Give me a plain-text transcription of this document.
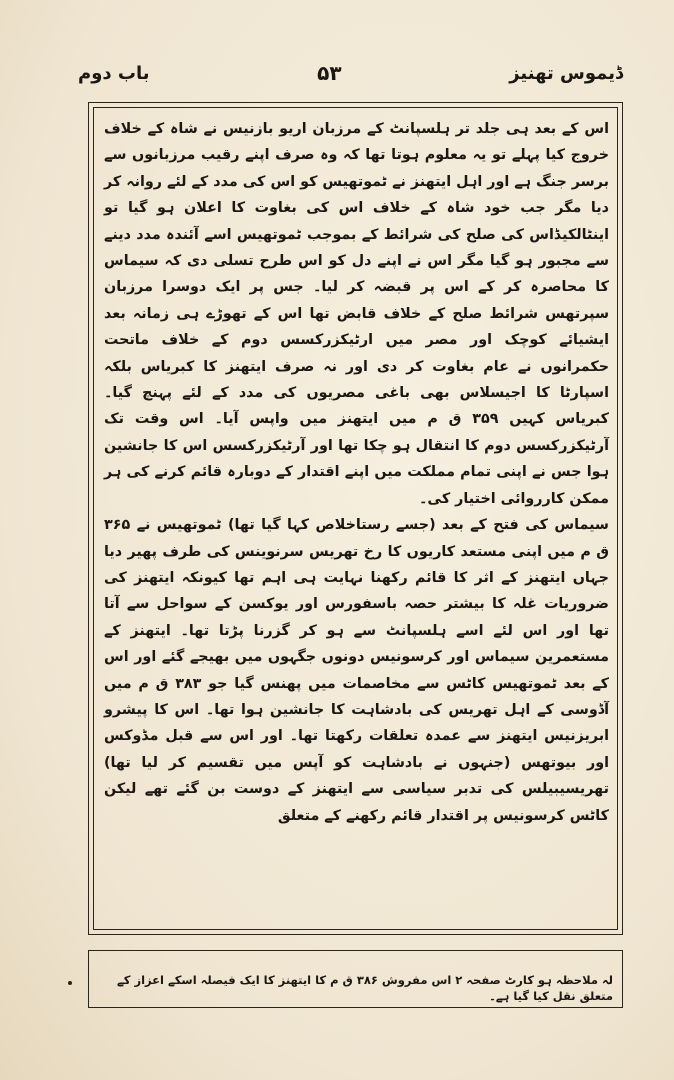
باب دوم	۵۳	ڈیموس تھنیز

اس کے بعد ہی جلد تر ہلسپانٹ کے مرزبان اریو بازنیس نے شاہ کے خلاف خروج کیا پہلے تو یہ معلوم ہوتا تھا کہ وہ صرف اپنے رقیب مرزبانوں سے برسر جنگ ہے اور اہل ایتھنز نے ٹموتھیس کو اس کی مدد کے لئے روانہ کر دیا مگر جب خود شاہ کے خلاف اس کی بغاوت کا اعلان ہو گیا تو اینٹالکیڈاس کی صلح کی شرائط کے بموجب ٹموتھیس اسے آئندہ مدد دینے سے مجبور ہو گیا مگر اس نے اپنے دل کو اس طرح تسلی دی کہ سیماس کا محاصرہ کر کے اس پر قبضہ کر لیا۔ جس پر ایک دوسرا مرزبان سپرتھس شرائط صلح کے خلاف قابض تھا اس کے تھوڑے ہی زمانہ بعد ایشیائے کوچک اور مصر میں ارٹیکزرکسس دوم کے خلاف ماتحت حکمرانوں نے عام بغاوت کر دی اور نہ صرف ایتھنز کا کبریاس بلکہ اسپارٹا کا اجیسلاس بھی باغی مصریوں کی مدد کے لئے پہنچ گیا۔ کبریاس کہیں ۳۵۹ ق م میں ایتھنز میں واپس آیا۔ اس وقت تک آرٹیکزرکسس دوم کا انتقال ہو چکا تھا اور آرٹیکزرکسس اس کا جانشین ہوا جس نے اپنی تمام مملکت میں اپنے اقتدار کے دوبارہ قائم کرنے کی ہر ممکن کارروائی اختیار کی۔

سیماس کی فتح کے بعد (جسے رستاخلاص کہا گیا تھا) ٹموتھیس نے ۳۶۵ ق م میں اپنی مستعد کاریوں کا رخ تھریس سرنوینس کی طرف پھیر دیا جہاں ایتھنز کے اثر کا قائم رکھنا نہایت ہی اہم تھا کیونکہ ایتھنز کی ضروریات غلہ کا بیشتر حصہ باسفورس اور یوکسن کے سواحل سے آتا تھا اور اس لئے اسے ہلسپانٹ سے ہو کر گزرنا پڑتا تھا۔ ایتھنز کے مستعمرین سیماس اور کرسونیس دونوں جگہوں میں بھیجے گئے اور اس کے بعد ٹموتھیس کاٹس سے مخاصمات میں پھنس گیا جو ۳۸۳ ق م میں آڈوسی کے اہل تھریس کی بادشاہت کا جانشین ہوا تھا۔ اس کا پیشرو ابریزنیس ایتھنز سے عمدہ تعلقات رکھتا تھا۔ اور اس سے قبل مڈوکس اور بیوتھس (جنہوں نے بادشاہت کو آپس میں تقسیم کر لیا تھا) تھریسیبیلس کی تدبر سیاسی سے ایتھنز کے دوست بن گئے تھے لیکن کاٹس کرسونیس پر اقتدار قائم رکھنے کے متعلق

لہ ملاحظہ ہو کارٹ صفحہ ۲ اس مفروش ۳۸۶ ق م کا ایتھنز کا ایک فیصلہ اسکے اعزاز کے متعلق نقل کیا گیا ہے۔
